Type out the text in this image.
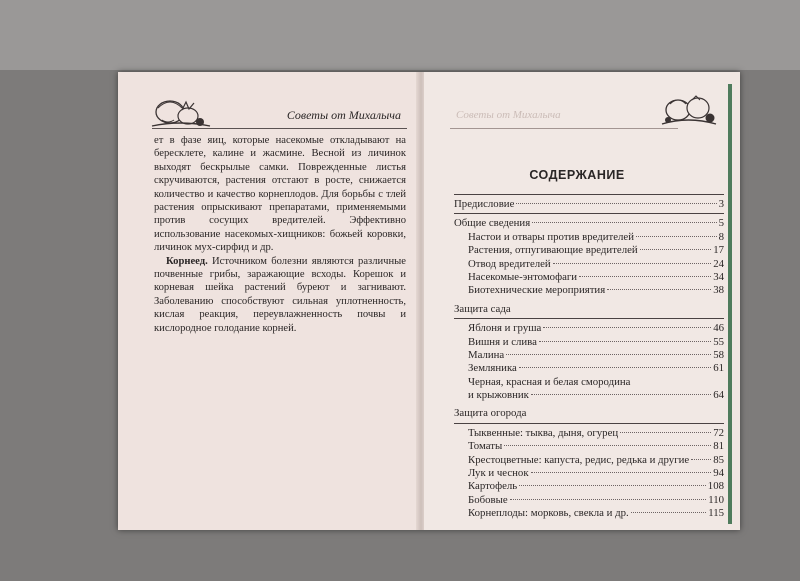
Советы от Михалыча

ет в фазе яиц, которые насекомые откладывают на бересклете, калине и жасмине. Весной из личинок выходят бескрылые самки. Поврежденные листья скручиваются, растения отстают в росте, снижается количество и качество корнеплодов. Для борьбы с тлей растения опрыскивают препаратами, применяемыми против сосущих вредителей. Эффективно использование насекомых-хищников: божьей коровки, личинок мух-сирфид и др.

Корнеед. Источником болезни являются различные почвенные грибы, заражающие всходы. Корешок и корневая шейка растений буреют и загнивают. Заболеванию способствуют сильная уплотненность, кислая реакция, переувлажненность почвы и кислородное голодание корней.

Советы от Михалыча
СОДЕРЖАНИЕ
Предисловие	3
Общие сведения	5
Настои и отвары против вредителей	8
Растения, отпугивающие вредителей	17
Отвод вредителей	24
Насекомые-энтомофаги	34
Биотехнические мероприятия	38
Защита сада
Яблоня и груша	46
Вишня и слива	55
Малина	58
Земляника	61
Черная, красная и белая смородина
и крыжовник	64
Защита огорода
Тыквенные: тыква, дыня, огурец	72
Томаты	81
Крестоцветные: капуста, редис, редька и другие 85
Лук и чеснок	94
Картофель	108
Бобовые	110
Корнеплоды: морковь, свекла и др.	115
